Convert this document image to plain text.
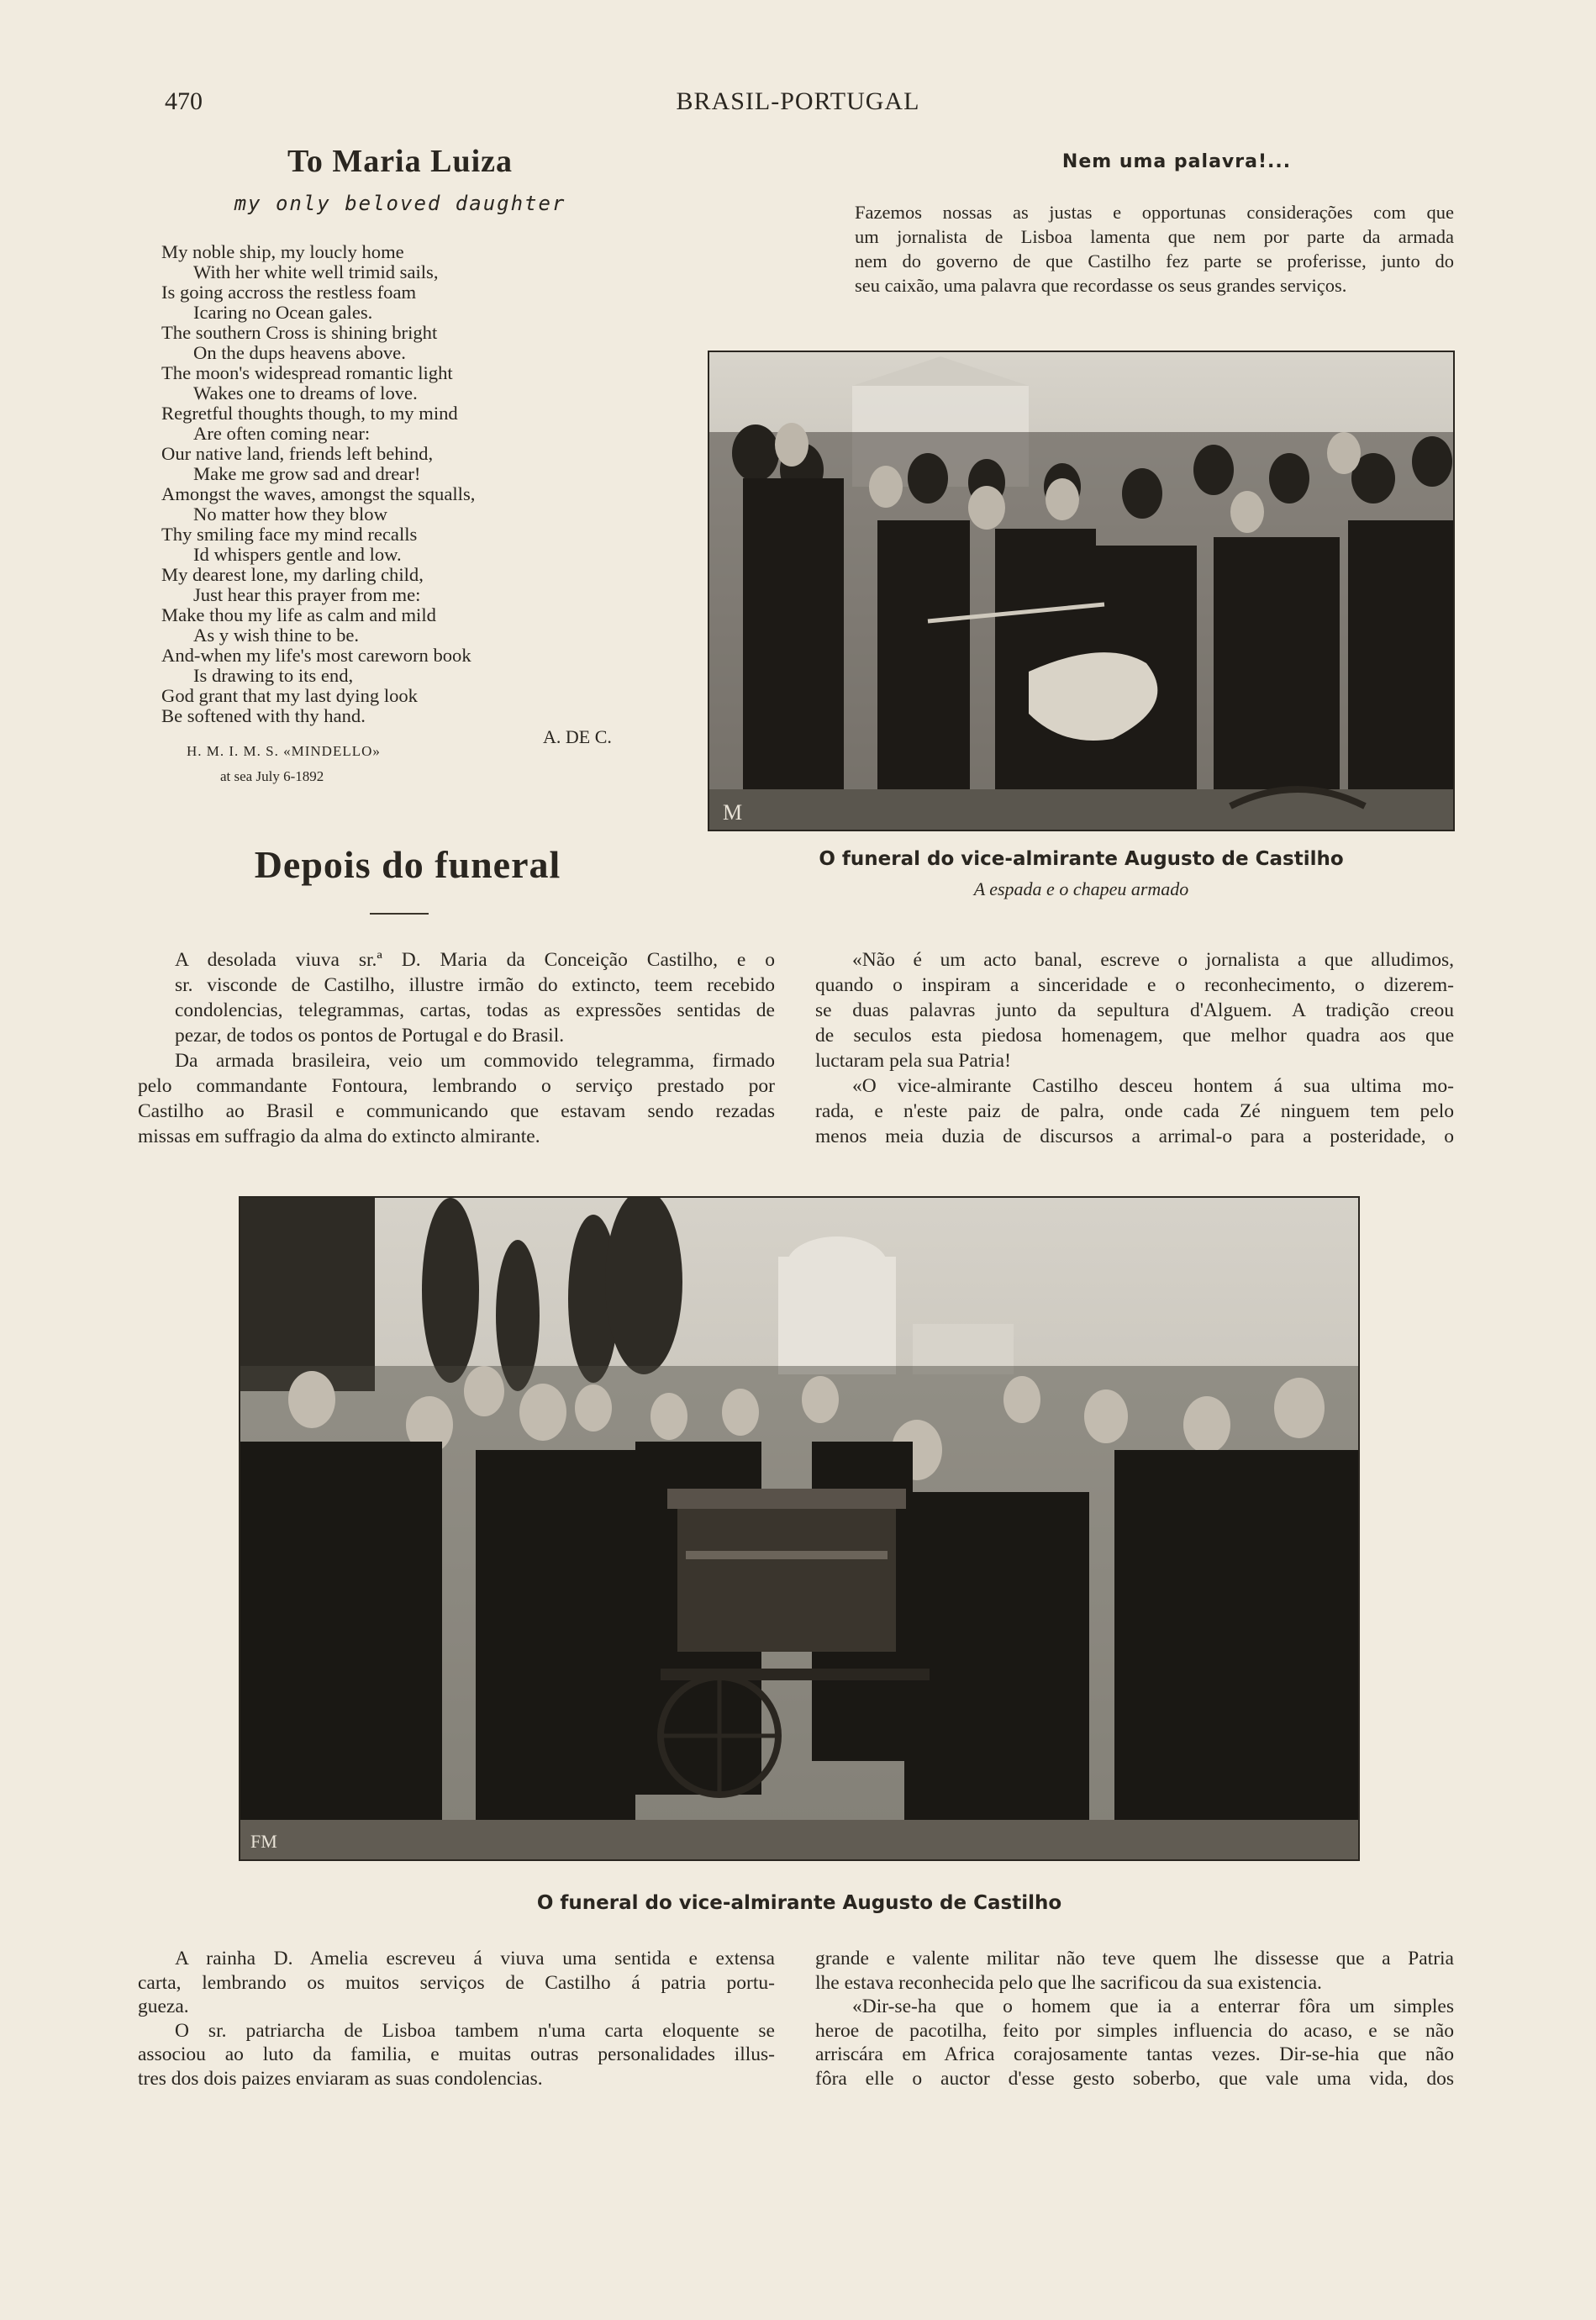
470	BRASIL-PORTUGAL
To Maria Luiza
my only beloved daughter
My noble ship, my loucly home
With her white well trimid sails,
Is going accross the restless foam
Icaring no Ocean gales.
The southern Cross is shining bright
On the dups heavens above.
The moon's widespread romantic light
Wakes one to dreams of love.
Regretful thoughts though, to my mind
Are often coming near:
Our native land, friends left behind,
Make me grow sad and drear!
Amongst the waves, amongst the squalls,
No matter how they blow
Thy smiling face my mind recalls
Id whispers gentle and low.
My dearest lone, my darling child,
Just hear this prayer from me:
Make thou my life as calm and mild
As y wish thine to be.
And-when my life's most careworn book
Is drawing to its end,
God grant that my last dying look
Be softened with thy hand.
A. DE C.
H. M. I. M. S. «MINDELLO»
at sea July 6-1892
Nem uma palavra!...

Fazemos nossas as justas e opportunas considerações com que
um jornalista de Lisboa lamenta que nem por parte da armada
nem do governo de que Castilho fez parte se proferisse, junto do
seu caixão, uma palavra que recordasse os seus grandes serviços.

M
O funeral do vice-almirante Augusto de Castilho
A espada e o chapeu armado
Depois do funeral

A desolada viuva sr.ª D. Maria da Conceição Castilho, e o
sr. visconde de Castilho, illustre irmão do extincto, teem recebido
condolencias, telegrammas, cartas, todas as expressões sentidas de
pezar, de todos os pontos de Portugal e do Brasil.

Da armada brasileira, veio um commovido telegramma, firmado
pelo commandante Fontoura, lembrando o serviço prestado por
Castilho ao Brasil e communicando que estavam sendo rezadas
missas em suffragio da alma do extincto almirante.

«Não é um acto banal, escreve o jornalista a que alludimos,
quando o inspiram a sinceridade e o reconhecimento, o dizerem-
se duas palavras junto da sepultura d'Alguem. A tradição creou
de seculos esta piedosa homenagem, que melhor quadra aos que
luctaram pela sua Patria!

«O vice-almirante Castilho desceu hontem á sua ultima mo-
rada, e n'este paiz de palra, onde cada Zé ninguem tem pelo
menos meia duzia de discursos a arrimal-o para a posteridade, o

FM
O funeral do vice-almirante Augusto de Castilho

A rainha D. Amelia escreveu á viuva uma sentida e extensa
carta, lembrando os muitos serviços de Castilho á patria portu-
gueza.

O sr. patriarcha de Lisboa tambem n'uma carta eloquente se
associou ao luto da familia, e muitas outras personalidades illus-
tres dos dois paizes enviaram as suas condolencias.

grande e valente militar não teve quem lhe dissesse que a Patria
lhe estava reconhecida pelo que lhe sacrificou da sua existencia.

«Dir-se-ha que o homem que ia a enterrar fôra um simples
heroe de pacotilha, feito por simples influencia do acaso, e se não
arriscára em Africa corajosamente tantas vezes. Dir-se-hia que não
fôra elle o auctor d'esse gesto soberbo, que vale uma vida, dos
